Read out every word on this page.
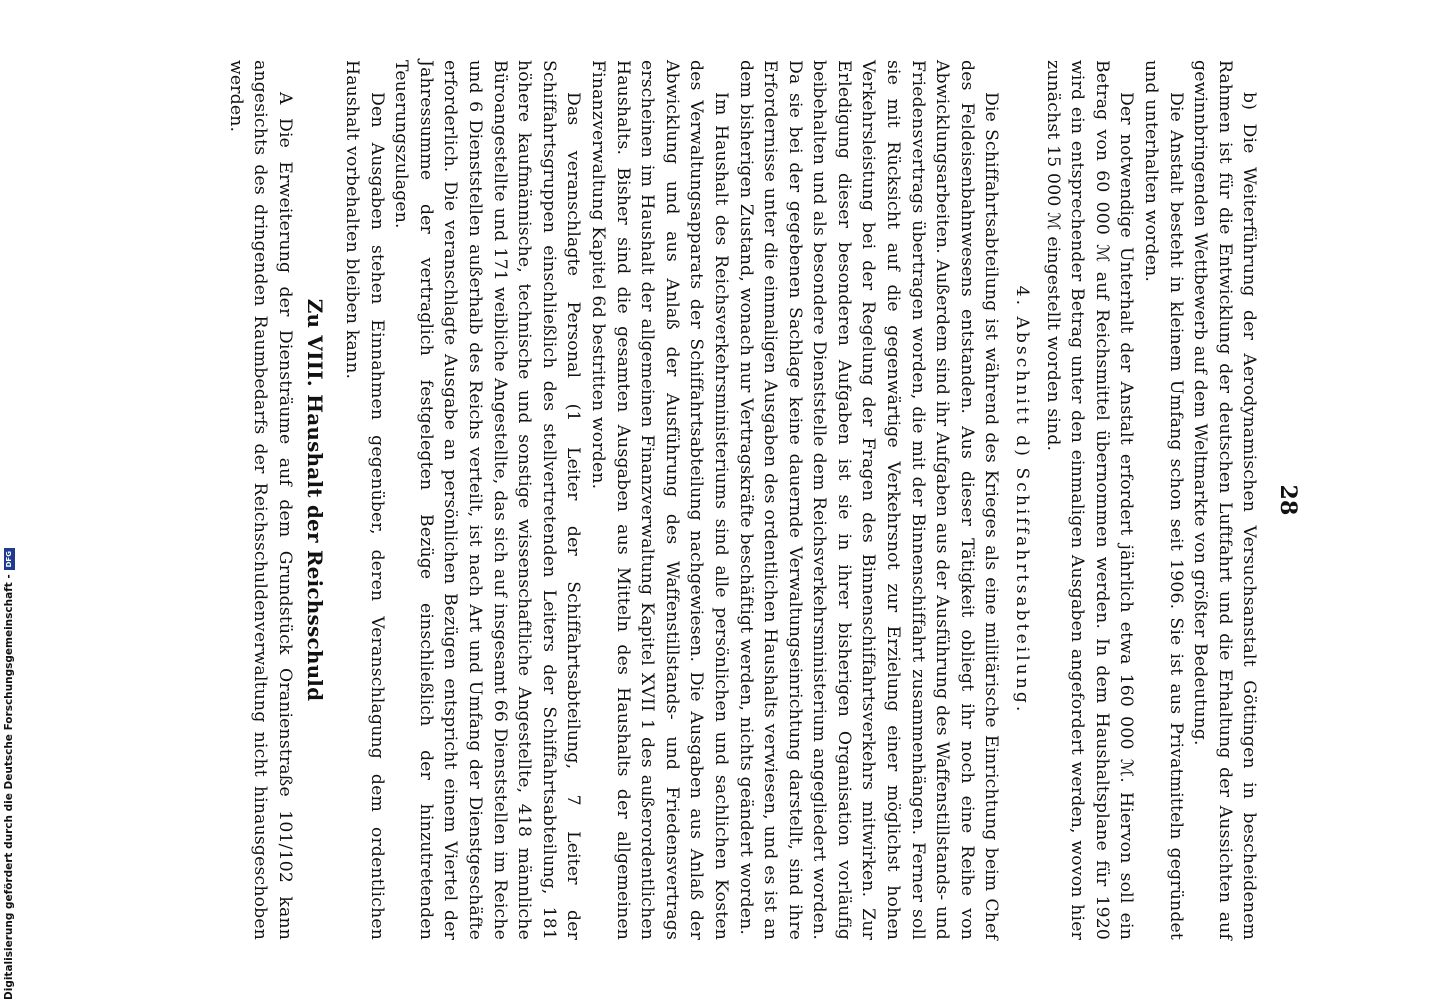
28

b) Die Weiterführung der Aerodynamischen Versuchsanstalt Göttingen in bescheidenem Rahmen ist für die Entwicklung der deutschen Luftfahrt und die Erhaltung der Aussichten auf gewinnbringenden Wettbewerb auf dem Weltmarkte von größter Bedeutung.

Die Anstalt besteht in kleinem Umfang schon seit 1906. Sie ist aus Privatmitteln gegründet und unterhalten worden.

Der notwendige Unterhalt der Anstalt erfordert jährlich etwa 160 000 ℳ. Hiervon soll ein Betrag von 60 000 ℳ auf Reichsmittel übernommen werden. In dem Haushaltsplane für 1920 wird ein entsprechender Betrag unter den einmaligen Ausgaben angefordert werden, wovon hier zunächst 15 000 ℳ eingestellt worden sind.

4. Abschnitt d) Schiffahrtsabteilung.

Die Schiffahrtsabteilung ist während des Krieges als eine militärische Einrichtung beim Chef des Feldeisenbahnwesens entstanden. Aus dieser Tätigkeit obliegt ihr noch eine Reihe von Abwicklungsarbeiten. Außerdem sind ihr Aufgaben aus der Ausführung des Waffenstillstands- und Friedensvertrags übertragen worden, die mit der Binnenschiffahrt zusammenhängen. Ferner soll sie mit Rücksicht auf die gegenwärtige Verkehrsnot zur Erzielung einer möglichst hohen Verkehrsleistung bei der Regelung der Fragen des Binnenschiffahrtsverkehrs mitwirken. Zur Erledigung dieser besonderen Aufgaben ist sie in ihrer bisherigen Organisation vorläufig beibehalten und als besondere Dienststelle dem Reichsverkehrsministerium angegliedert worden. Da sie bei der gegebenen Sachlage keine dauernde Verwaltungseinrichtung darstellt, sind ihre Erfordernisse unter die einmaligen Ausgaben des ordentlichen Haushalts verwiesen, und es ist an dem bisherigen Zustand, wonach nur Vertragskräfte beschäftigt werden, nichts geändert worden.

Im Haushalt des Reichsverkehrsministeriums sind alle persönlichen und sachlichen Kosten des Verwaltungsapparats der Schiffahrtsabteilung nachgewiesen. Die Ausgaben aus Anlaß der Abwicklung und aus Anlaß der Ausführung des Waffenstillstands- und Friedensvertrags erscheinen im Haushalt der allgemeinen Finanzverwaltung Kapitel XVII 1 des außerordentlichen Haushalts. Bisher sind die gesamten Ausgaben aus Mitteln des Haushalts der allgemeinen Finanzverwaltung Kapitel 6d bestritten worden.

Das veranschlagte Personal (1 Leiter der Schiffahrtsabteilung, 7 Leiter der Schiffahrtsgruppen einschließlich des stellvertretenden Leiters der Schiffahrtsabteilung, 181 höhere kaufmännische, technische und sonstige wissenschaftliche Angestellte, 418 männliche Büroangestellte und 171 weibliche Angestellte, das sich auf insgesamt 66 Dienststellen im Reiche und 6 Dienststellen außerhalb des Reichs verteilt, ist nach Art und Umfang der Dienstgeschäfte erforderlich. Die veranschlagte Ausgabe an persönlichen Bezügen entspricht einem Viertel der Jahressumme der vertraglich festgelegten Bezüge einschließlich der hinzutretenden Teuerungszulagen.

Den Ausgaben stehen Einnahmen gegenüber, deren Veranschlagung dem ordentlichen Haushalt vorbehalten bleiben kann.

Zu VIII. Haushalt der Reichsschuld

A Die Erweiterung der Diensträume auf dem Grundstück Oranienstraße 101/102 kann angesichts des dringenden Raumbedarfs der Reichsschuldenverwaltung nicht hinausgeschoben werden.

Digitalisierung gefördert durch die Deutsche Forschungsgemeinschaft -
DFG
